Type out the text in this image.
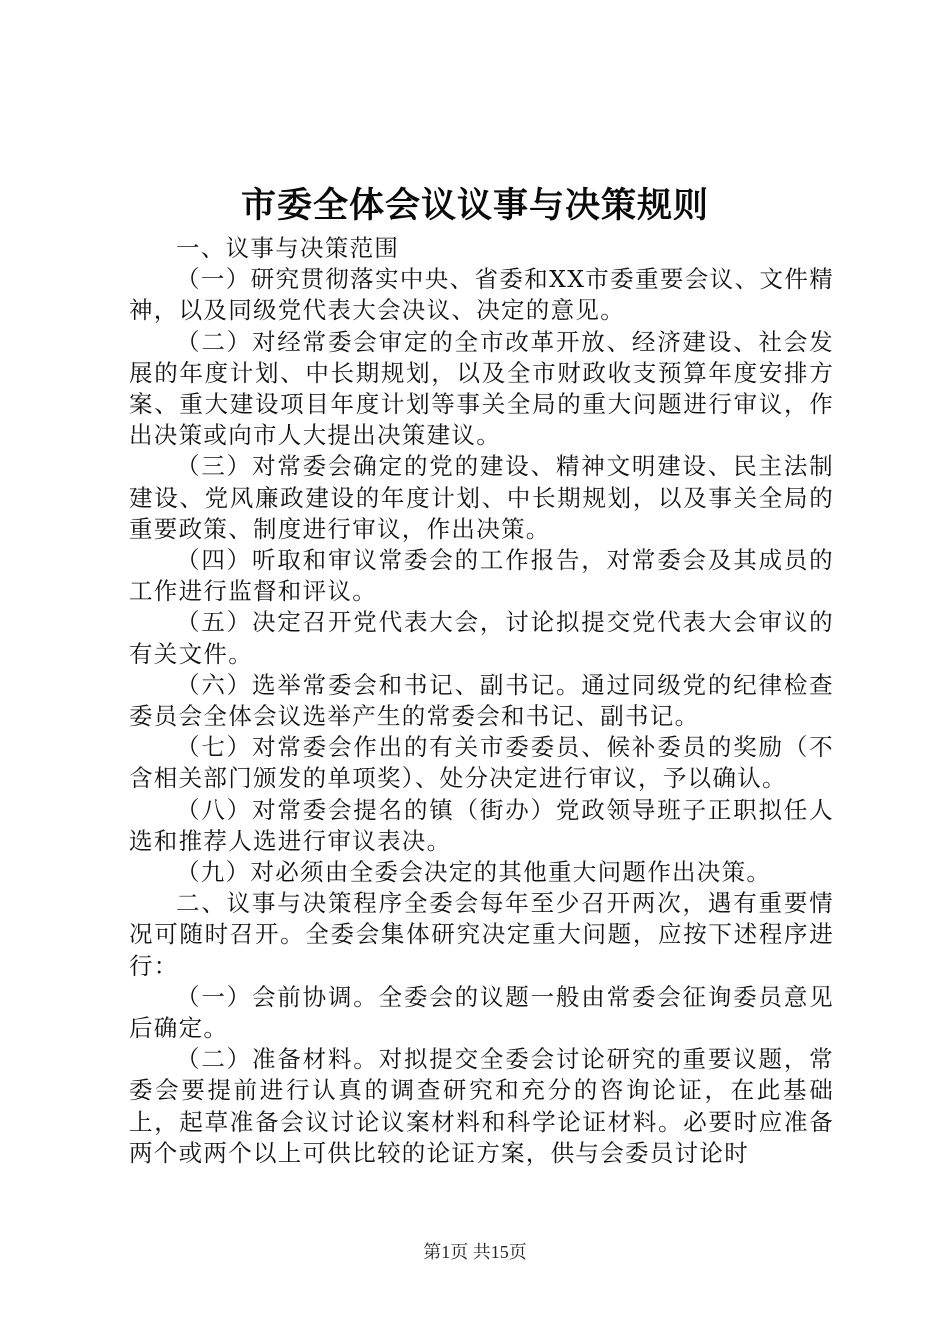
市委全体会议议事与决策规则

一、议事与决策范围

（一）研究贯彻落实中央、省委和XX市委重要会议、文件精神，以及同级党代表大会决议、决定的意见。

（二）对经常委会审定的全市改革开放、经济建设、社会发展的年度计划、中长期规划，以及全市财政收支预算年度安排方案、重大建设项目年度计划等事关全局的重大问题进行审议，作出决策或向市人大提出决策建议。

（三）对常委会确定的党的建设、精神文明建设、民主法制建设、党风廉政建设的年度计划、中长期规划，以及事关全局的重要政策、制度进行审议，作出决策。

（四）听取和审议常委会的工作报告，对常委会及其成员的工作进行监督和评议。

（五）决定召开党代表大会，讨论拟提交党代表大会审议的有关文件。

（六）选举常委会和书记、副书记。通过同级党的纪律检查委员会全体会议选举产生的常委会和书记、副书记。

（七）对常委会作出的有关市委委员、候补委员的奖励（不含相关部门颁发的单项奖）、处分决定进行审议，予以确认。

（八）对常委会提名的镇（街办）党政领导班子正职拟任人选和推荐人选进行审议表决。

（九）对必须由全委会决定的其他重大问题作出决策。

二、议事与决策程序全委会每年至少召开两次，遇有重要情况可随时召开。全委会集体研究决定重大问题，应按下述程序进行：

（一）会前协调。全委会的议题一般由常委会征询委员意见后确定。

（二）准备材料。对拟提交全委会讨论研究的重要议题，常委会要提前进行认真的调查研究和充分的咨询论证，在此基础上，起草准备会议讨论议案材料和科学论证材料。必要时应准备两个或两个以上可供比较的论证方案，供与会委员讨论时

第1页 共15页
